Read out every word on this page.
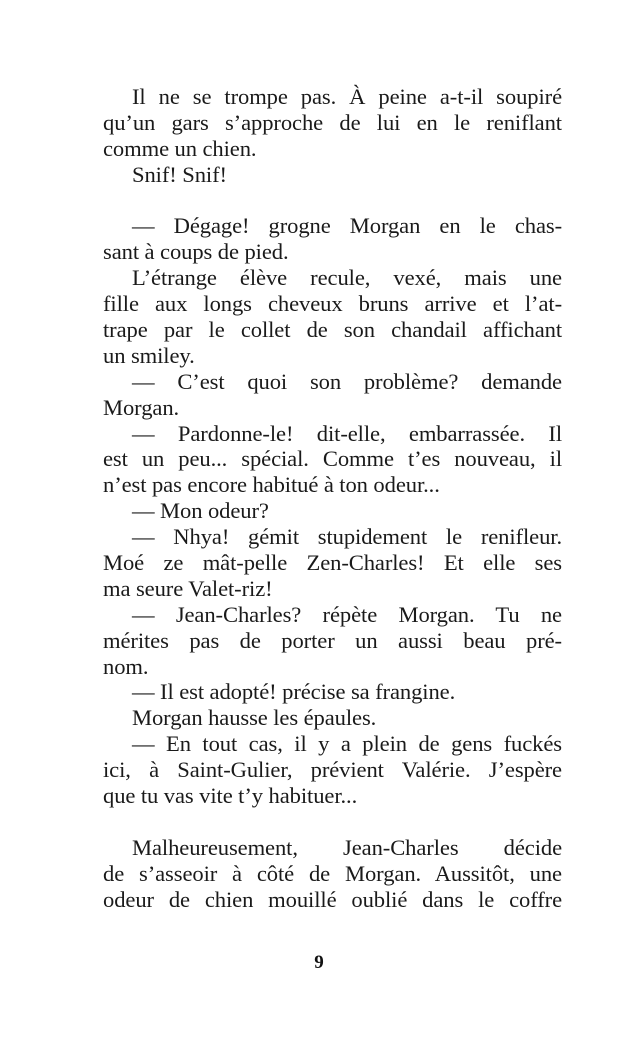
Il ne se trompe pas. À peine a-t-il soupiré
qu’un gars s’approche de lui en le reniflant
comme un chien.
Snif! Snif!
— Dégage! grogne Morgan en le chas-
sant à coups de pied.
L’étrange élève recule, vexé, mais une
fille aux longs cheveux bruns arrive et l’at-
trape par le collet de son chandail affichant
un smiley.
— C’est quoi son problème? demande
Morgan.
— Pardonne-le! dit-elle, embarrassée. Il
est un peu... spécial. Comme t’es nouveau, il
n’est pas encore habitué à ton odeur...
— Mon odeur?
— Nhya! gémit stupidement le renifleur.
Moé ze mât-pelle Zen-Charles! Et elle ses
ma seure Valet-riz!
— Jean-Charles? répète Morgan. Tu ne
mérites pas de porter un aussi beau pré-
nom.
— Il est adopté! précise sa frangine.
Morgan hausse les épaules.
— En tout cas, il y a plein de gens fuckés
ici, à Saint-Gulier, prévient Valérie. J’espère
que tu vas vite t’y habituer...
Malheureusement, Jean-Charles décide
de s’asseoir à côté de Morgan. Aussitôt, une
odeur de chien mouillé oublié dans le coffre
9
